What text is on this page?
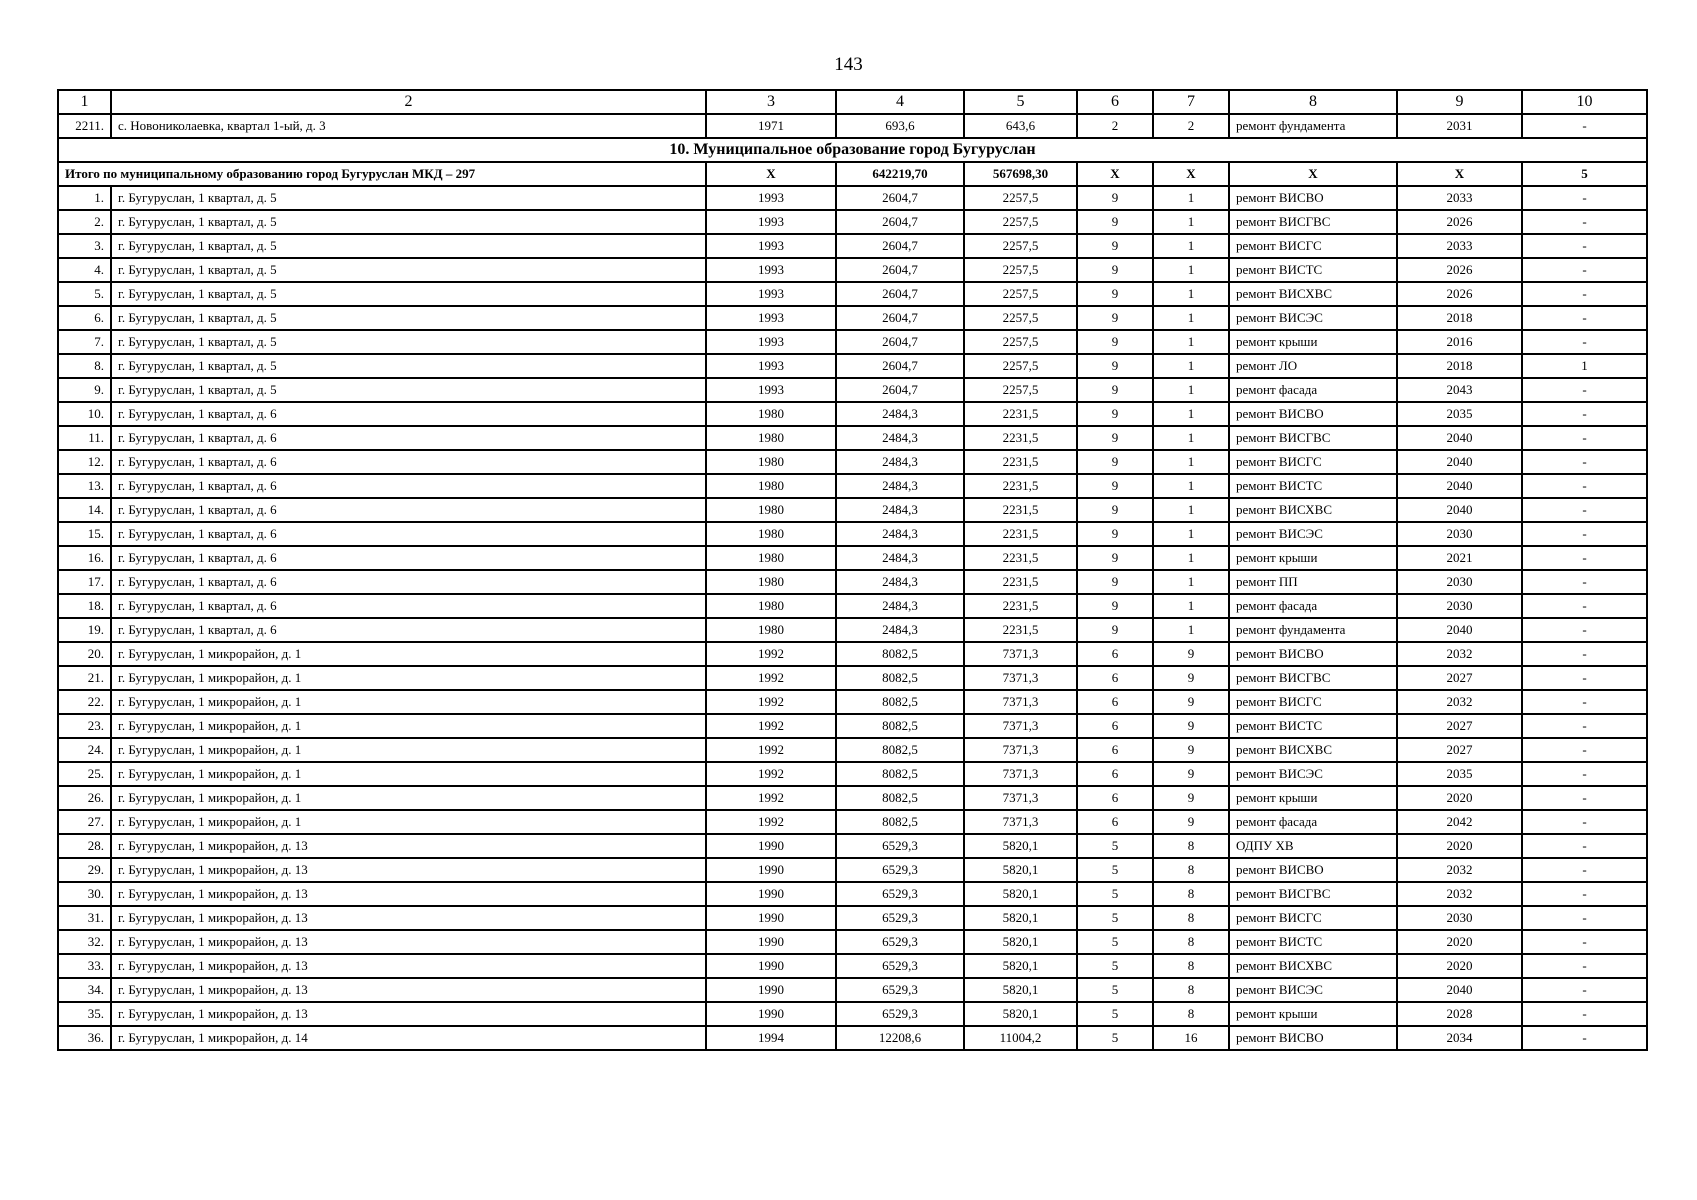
143
1	2	3	4	5	6	7	8	9	10
2211.	с. Новониколаевка, квартал 1-ый, д. 3	1971	693,6	643,6	2	2	ремонт фундамента	2031	-
10. Муниципальное образование город Бугуруслан									
Итого по муниципальному образованию город Бугуруслан МКД – 297		X	642219,70	567698,30	X	X	X	X	5
1.	г. Бугуруслан, 1 квартал, д. 5	1993	2604,7	2257,5	9	1	ремонт ВИСВО	2033	-
2.	г. Бугуруслан, 1 квартал, д. 5	1993	2604,7	2257,5	9	1	ремонт ВИСГВС	2026	-
3.	г. Бугуруслан, 1 квартал, д. 5	1993	2604,7	2257,5	9	1	ремонт ВИСГС	2033	-
4.	г. Бугуруслан, 1 квартал, д. 5	1993	2604,7	2257,5	9	1	ремонт ВИСТС	2026	-
5.	г. Бугуруслан, 1 квартал, д. 5	1993	2604,7	2257,5	9	1	ремонт ВИСХВС	2026	-
6.	г. Бугуруслан, 1 квартал, д. 5	1993	2604,7	2257,5	9	1	ремонт ВИСЭС	2018	-
7.	г. Бугуруслан, 1 квартал, д. 5	1993	2604,7	2257,5	9	1	ремонт крыши	2016	-
8.	г. Бугуруслан, 1 квартал, д. 5	1993	2604,7	2257,5	9	1	ремонт ЛО	2018	1
9.	г. Бугуруслан, 1 квартал, д. 5	1993	2604,7	2257,5	9	1	ремонт фасада	2043	-
10.	г. Бугуруслан, 1 квартал, д. 6	1980	2484,3	2231,5	9	1	ремонт ВИСВО	2035	-
11.	г. Бугуруслан, 1 квартал, д. 6	1980	2484,3	2231,5	9	1	ремонт ВИСГВС	2040	-
12.	г. Бугуруслан, 1 квартал, д. 6	1980	2484,3	2231,5	9	1	ремонт ВИСГС	2040	-
13.	г. Бугуруслан, 1 квартал, д. 6	1980	2484,3	2231,5	9	1	ремонт ВИСТС	2040	-
14.	г. Бугуруслан, 1 квартал, д. 6	1980	2484,3	2231,5	9	1	ремонт ВИСХВС	2040	-
15.	г. Бугуруслан, 1 квартал, д. 6	1980	2484,3	2231,5	9	1	ремонт ВИСЭС	2030	-
16.	г. Бугуруслан, 1 квартал, д. 6	1980	2484,3	2231,5	9	1	ремонт крыши	2021	-
17.	г. Бугуруслан, 1 квартал, д. 6	1980	2484,3	2231,5	9	1	ремонт ПП	2030	-
18.	г. Бугуруслан, 1 квартал, д. 6	1980	2484,3	2231,5	9	1	ремонт фасада	2030	-
19.	г. Бугуруслан, 1 квартал, д. 6	1980	2484,3	2231,5	9	1	ремонт фундамента	2040	-
20.	г. Бугуруслан, 1 микрорайон, д. 1	1992	8082,5	7371,3	6	9	ремонт ВИСВО	2032	-
21.	г. Бугуруслан, 1 микрорайон, д. 1	1992	8082,5	7371,3	6	9	ремонт ВИСГВС	2027	-
22.	г. Бугуруслан, 1 микрорайон, д. 1	1992	8082,5	7371,3	6	9	ремонт ВИСГС	2032	-
23.	г. Бугуруслан, 1 микрорайон, д. 1	1992	8082,5	7371,3	6	9	ремонт ВИСТС	2027	-
24.	г. Бугуруслан, 1 микрорайон, д. 1	1992	8082,5	7371,3	6	9	ремонт ВИСХВС	2027	-
25.	г. Бугуруслан, 1 микрорайон, д. 1	1992	8082,5	7371,3	6	9	ремонт ВИСЭС	2035	-
26.	г. Бугуруслан, 1 микрорайон, д. 1	1992	8082,5	7371,3	6	9	ремонт крыши	2020	-
27.	г. Бугуруслан, 1 микрорайон, д. 1	1992	8082,5	7371,3	6	9	ремонт фасада	2042	-
28.	г. Бугуруслан, 1 микрорайон, д. 13	1990	6529,3	5820,1	5	8	ОДПУ ХВ	2020	-
29.	г. Бугуруслан, 1 микрорайон, д. 13	1990	6529,3	5820,1	5	8	ремонт ВИСВО	2032	-
30.	г. Бугуруслан, 1 микрорайон, д. 13	1990	6529,3	5820,1	5	8	ремонт ВИСГВС	2032	-
31.	г. Бугуруслан, 1 микрорайон, д. 13	1990	6529,3	5820,1	5	8	ремонт ВИСГС	2030	-
32.	г. Бугуруслан, 1 микрорайон, д. 13	1990	6529,3	5820,1	5	8	ремонт ВИСТС	2020	-
33.	г. Бугуруслан, 1 микрорайон, д. 13	1990	6529,3	5820,1	5	8	ремонт ВИСХВС	2020	-
34.	г. Бугуруслан, 1 микрорайон, д. 13	1990	6529,3	5820,1	5	8	ремонт ВИСЭС	2040	-
35.	г. Бугуруслан, 1 микрорайон, д. 13	1990	6529,3	5820,1	5	8	ремонт крыши	2028	-
36.	г. Бугуруслан, 1 микрорайон, д. 14	1994	12208,6	11004,2	5	16	ремонт ВИСВО	2034	-
